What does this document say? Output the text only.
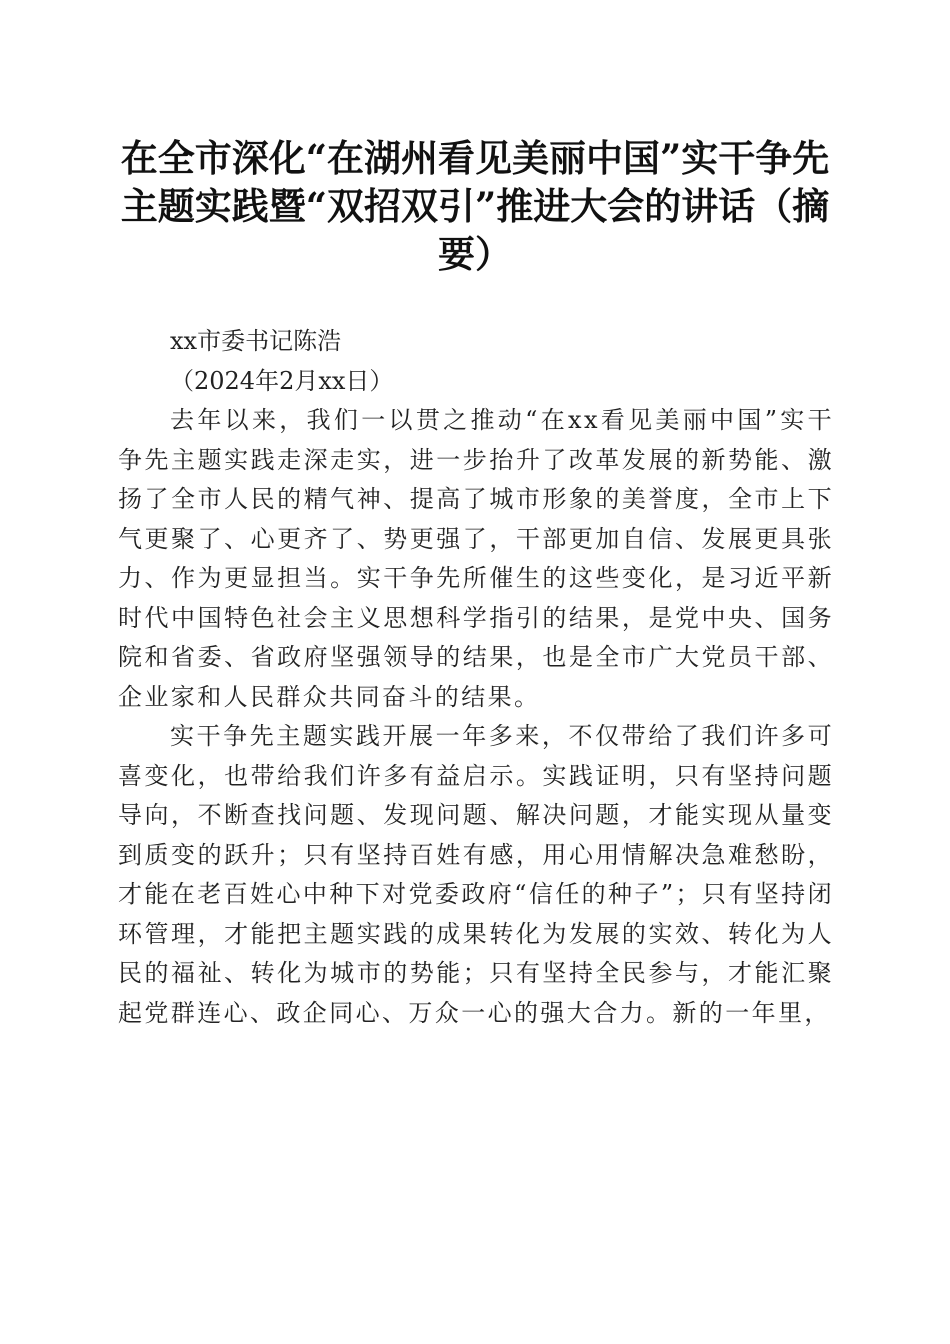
在全市深化“在湖州看见美丽中国”实干争先主题实践暨“双招双引”推进大会的讲话（摘要）

xx市委书记陈浩

（2024年2月xx日）

去年以来，我们一以贯之推动“在xx看见美丽中国”实干争先主题实践走深走实，进一步抬升了改革发展的新势能、激扬了全市人民的精气神、提高了城市形象的美誉度，全市上下气更聚了、心更齐了、势更强了，干部更加自信、发展更具张力、作为更显担当。实干争先所催生的这些变化，是习近平新时代中国特色社会主义思想科学指引的结果，是党中央、国务院和省委、省政府坚强领导的结果，也是全市广大党员干部、企业家和人民群众共同奋斗的结果。

实干争先主题实践开展一年多来，不仅带给了我们许多可喜变化，也带给我们许多有益启示。实践证明，只有坚持问题导向，不断查找问题、发现问题、解决问题，才能实现从量变到质变的跃升；只有坚持百姓有感，用心用情解决急难愁盼，才能在老百姓心中种下对党委政府“信任的种子”；只有坚持闭环管理，才能把主题实践的成果转化为发展的实效、转化为人民的福祉、转化为城市的势能；只有坚持全民参与，才能汇聚起党群连心、政企同心、万众一心的强大合力。新的一年里，
